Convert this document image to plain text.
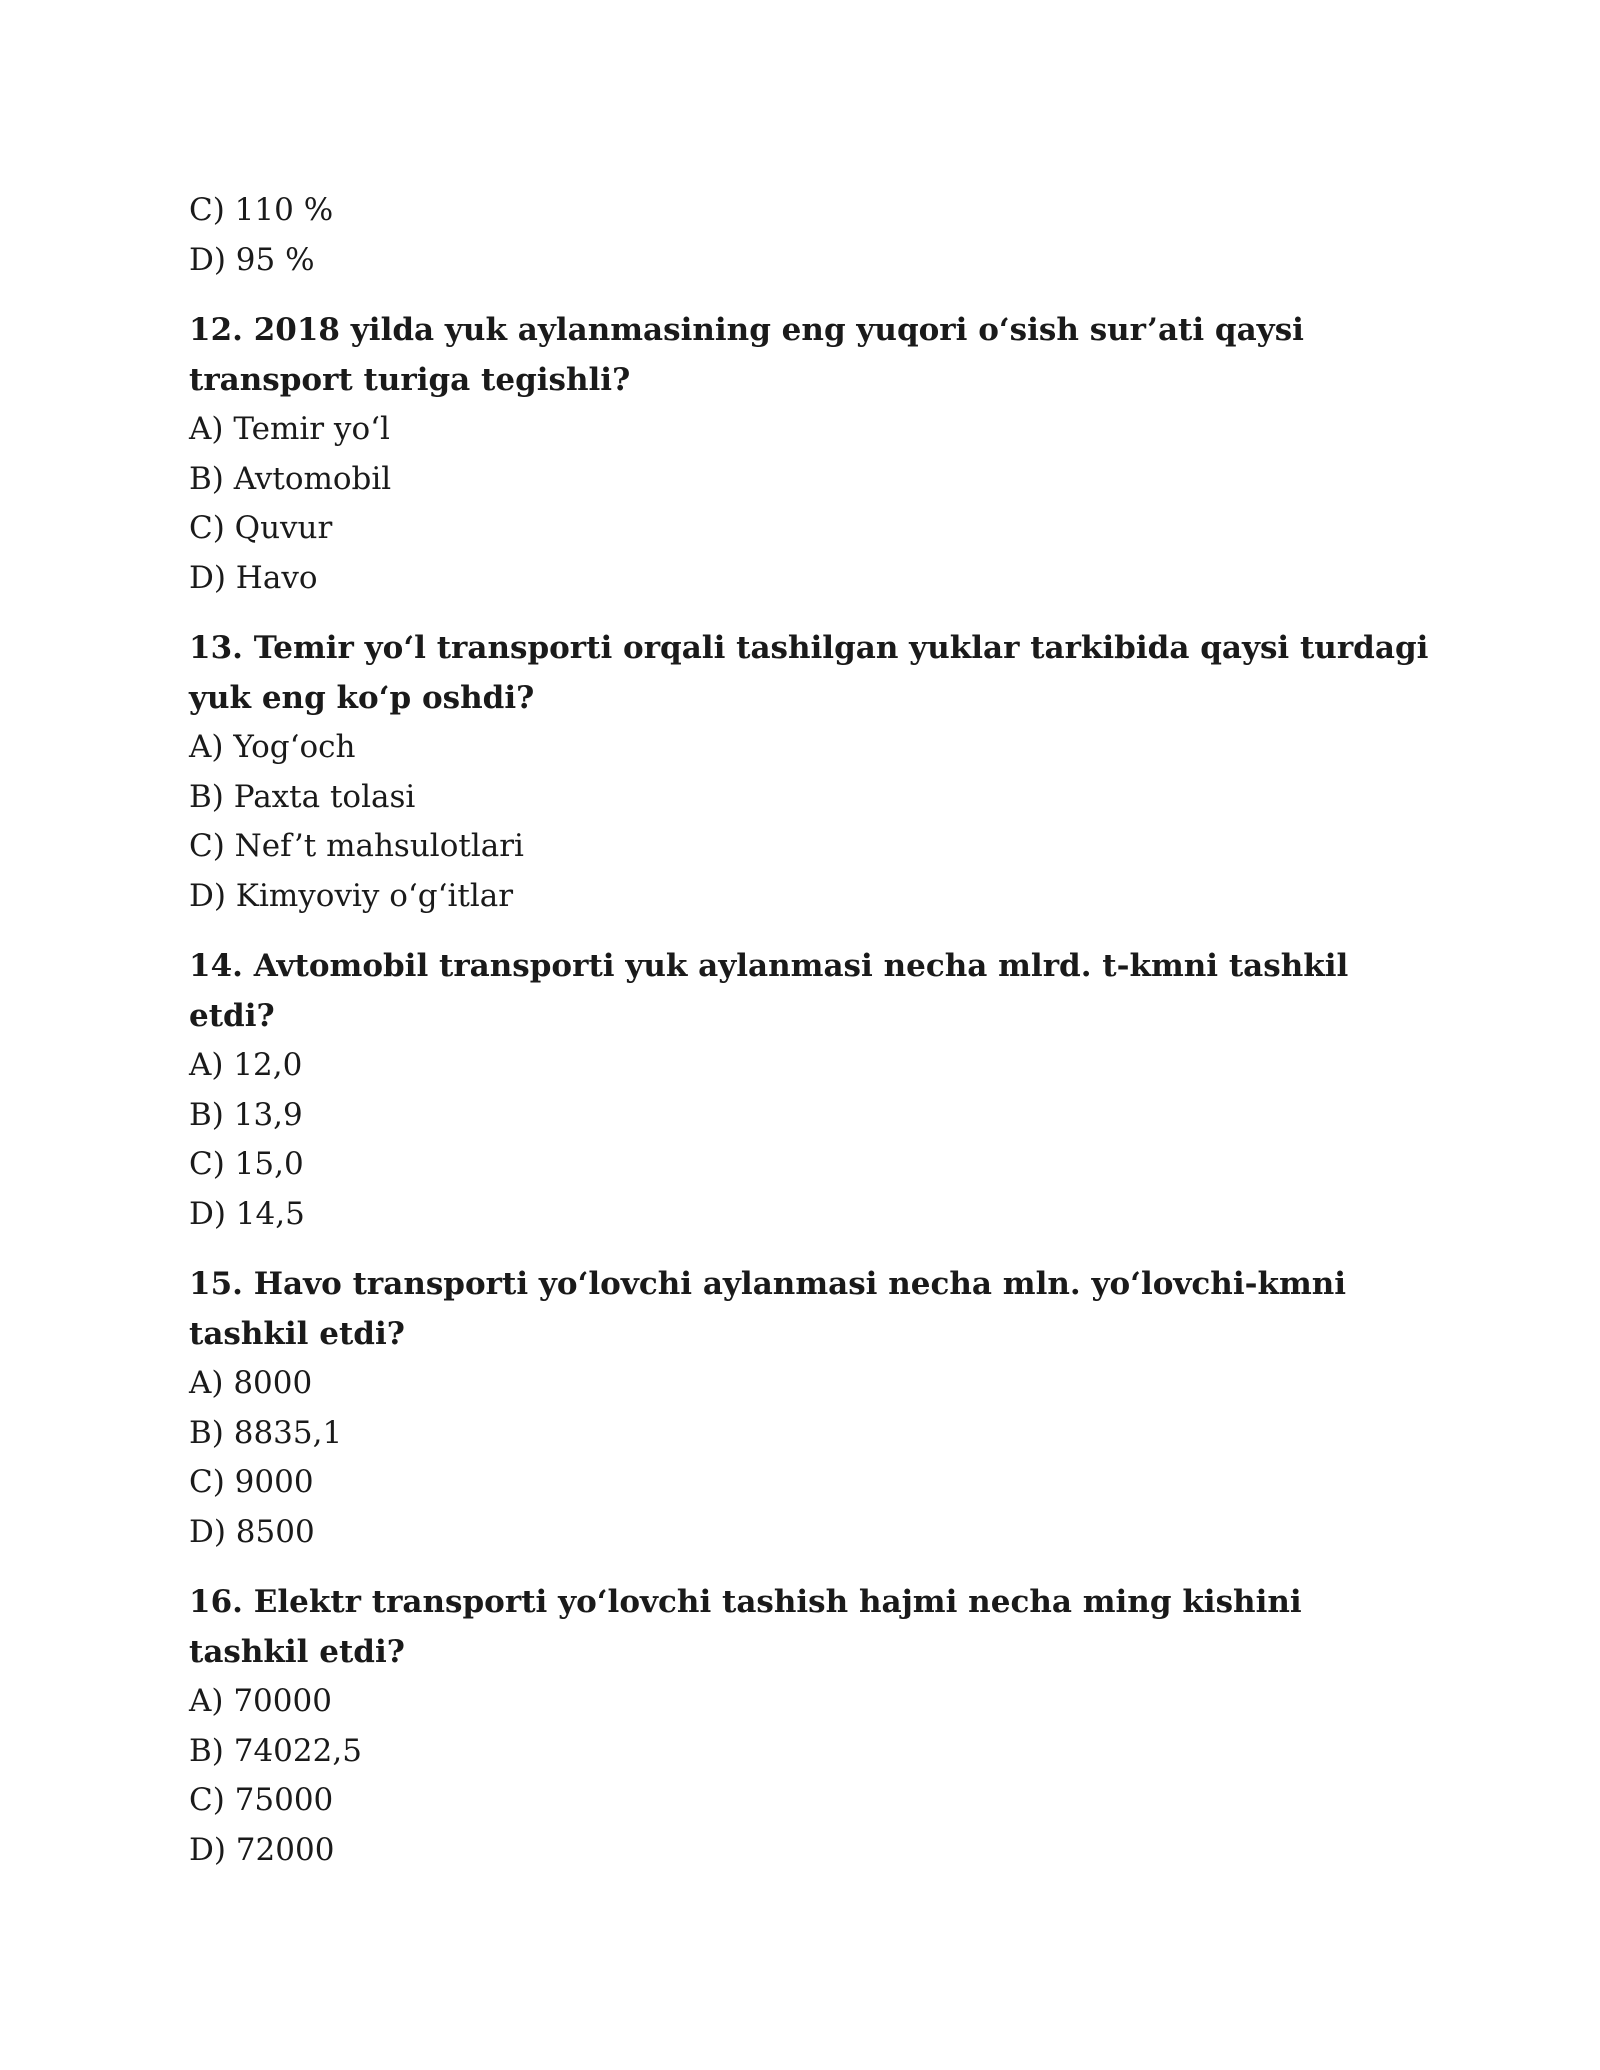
C) 110 %
D) 95 %
12. 2018 yilda yuk aylanmasining eng yuqori o‘sish sur’ati qaysi transport turiga tegishli?
A) Temir yo‘l
B) Avtomobil
C) Quvur
D) Havo
13. Temir yo‘l transporti orqali tashilgan yuklar tarkibida qaysi turdagi yuk eng ko‘p oshdi?
A) Yog‘och
B) Paxta tolasi
C) Nef’t mahsulotlari
D) Kimyoviy o‘g‘itlar
14. Avtomobil transporti yuk aylanmasi necha mlrd. t-kmni tashkil etdi?
A) 12,0
B) 13,9
C) 15,0
D) 14,5
15. Havo transporti yo‘lovchi aylanmasi necha mln. yo‘lovchi-kmni tashkil etdi?
A) 8000
B) 8835,1
C) 9000
D) 8500
16. Elektr transporti yo‘lovchi tashish hajmi necha ming kishini tashkil etdi?
A) 70000
B) 74022,5
C) 75000
D) 72000
